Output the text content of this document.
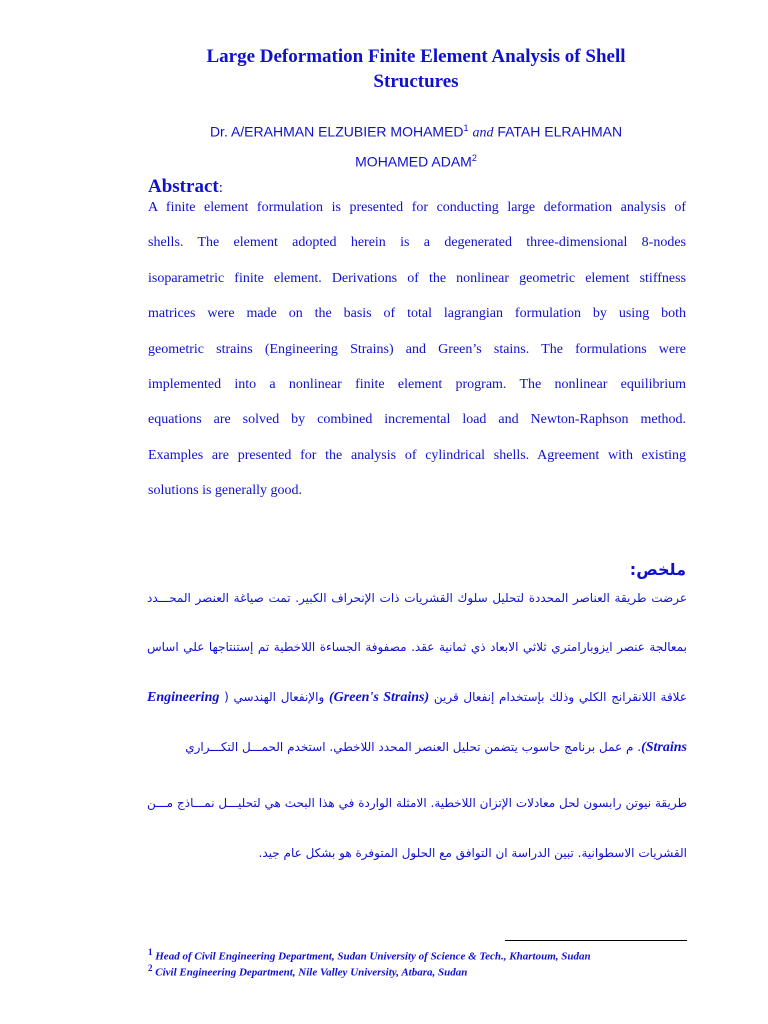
Large Deformation Finite Element Analysis of Shell
Structures
Dr. A/ERAHMAN ELZUBIER MOHAMED$^1$ and FATAH ELRAHMAN
MOHAMED ADAM$^2$
Abstract:
A finite element formulation is presented for conducting large deformation analysis of
shells. The element adopted herein is a degenerated three-dimensional 8-nodes
isoparametric finite element. Derivations of the nonlinear geometric element stiffness
matrices were made on the basis of total lagrangian formulation by using both
geometric strains (Engineering Strains) and Green’s stains. The formulations were
implemented into a nonlinear finite element program. The nonlinear equilibrium
equations are solved by combined incremental load and Newton-Raphson method.
Examples are presented for the analysis of cylindrical shells. Agreement with existing
solutions is generally good.
ملخص:
عرضت طريقة العناصر المحددة لتحليل سلوك القشريات ذات الإنحراف الكبير. تمت صياغة العنصر المحـــدد
بمعالجة عنصر ايزوبارامتري ثلاثي الابعاد ذي ثمانية عقد. مصفوفة الجساءة اللاخطية تم إستنتاجها علي اساس
علاقة اللانقرانج الكلي وذلك بإستخدام إنفعال قرين (Green's Strains) والإنفعال الهندسي ( Engineering
Strains). م عمل برنامج حاسوب يتضمن تحليل العنصر المحدد اللاخطي. استخدم الحمـــل التكـــراري
طريقة نيوتن رابسون لحل معادلات الإتزان اللاخطية. الامثلة الواردة في هذا البحث هي لتحليـــل نمـــاذج مـــن
القشريات الاسطوانية. تبين الدراسة ان التوافق مع الحلول المتوفرة هو بشكل عام جيد.
$^1$ Head of Civil Engineering Department, Sudan University of Science & Tech., Khartoum, Sudan
$^2$ Civil Engineering Department, Nile Valley University, Atbara, Sudan
